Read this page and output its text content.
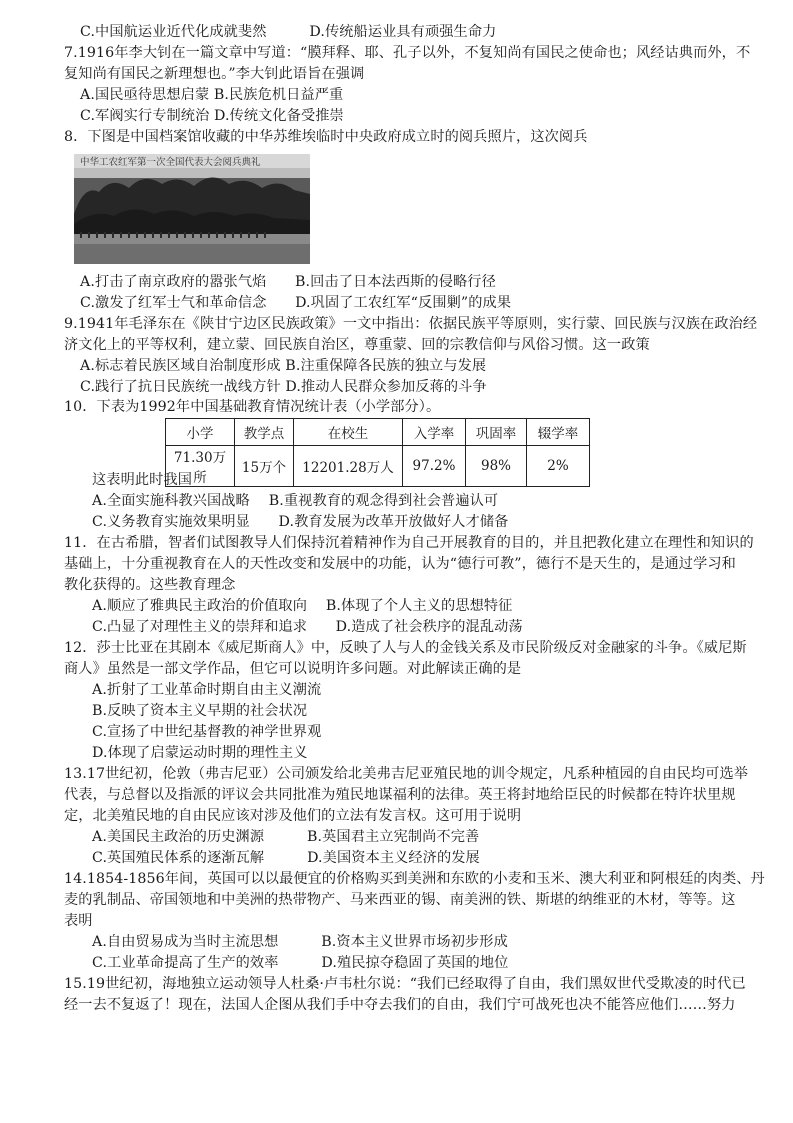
C.中国航运业近代化成就斐然　　　D.传统船运业具有顽强生命力
7.1916年李大钊在一篇文章中写道：“膜拜释、耶、孔子以外，不复知尚有国民之使命也；风经诂典而外，不
复知尚有国民之新理想也。”李大钊此语旨在强调
A.国民亟待思想启蒙 B.民族危机日益严重
C.军阀实行专制统治 D.传统文化备受推崇
8．下图是中国档案馆收藏的中华苏维埃临时中央政府成立时的阅兵照片，这次阅兵
中华工农红军第一次全国代表大会阅兵典礼
A.打击了南京政府的嚣张气焰　　B.回击了日本法西斯的侵略行径
C.激发了红军士气和革命信念　　D.巩固了工农红军“反围剿”的成果
9.1941年毛泽东在《陕甘宁边区民族政策》一文中指出：依据民族平等原则，实行蒙、回民族与汉族在政治经
济文化上的平等权利，建立蒙、回民族自治区，尊重蒙、回的宗教信仰与风俗习惯。这一政策
A.标志着民族区域自治制度形成 B.注重保障各民族的独立与发展
C.践行了抗日民族统一战线方针 D.推动人民群众参加反蒋的斗争
10．下表为1992年中国基础教育情况统计表（小学部分）。
小学	教学点	在校生	入学率	巩固率	辍学率
71.30万所	15万个	12201.28万人	97.2%	98%	2%
这表明此时我国
A.全面实施科教兴国战略　 B.重视教育的观念得到社会普遍认可
C.义务教育实施效果明显　　D.教育发展为改革开放做好人才储备
11．在古希腊，智者们试图教导人们保持沉着精神作为自己开展教育的目的，并且把教化建立在理性和知识的
基础上，十分重视教育在人的天性改变和发展中的功能，认为“德行可教”，德行不是天生的，是通过学习和
教化获得的。这些教育理念
A.顺应了雅典民主政治的价值取向　 B.体现了个人主义的思想特征
C.凸显了对理性主义的崇拜和追求　　D.造成了社会秩序的混乱动荡
12．莎士比亚在其剧本《威尼斯商人》中，反映了人与人的金钱关系及市民阶级反对金融家的斗争。《威尼斯
商人》虽然是一部文学作品，但它可以说明许多问题。对此解读正确的是
A.折射了工业革命时期自由主义潮流
B.反映了资本主义早期的社会状况
C.宣扬了中世纪基督教的神学世界观
D.体现了启蒙运动时期的理性主义
13.17世纪初，伦敦（弗吉尼亚）公司颁发给北美弗吉尼亚殖民地的训令规定，凡系种植园的自由民均可选举
代表，与总督以及指派的评议会共同批准为殖民地谋福利的法律。英王将封地给臣民的时候都在特许状里规
定，北美殖民地的自由民应该对涉及他们的立法有发言权。这可用于说明
A.美国民主政治的历史渊源　　　B.英国君主立宪制尚不完善
C.英国殖民体系的逐渐瓦解　　　D.美国资本主义经济的发展
14.1854-1856年间，英国可以以最便宜的价格购买到美洲和东欧的小麦和玉米、澳大利亚和阿根廷的肉类、丹
麦的乳制品、帝国领地和中美洲的热带物产、马来西亚的锡、南美洲的铁、斯堪的纳维亚的木材，等等。这
表明
A.自由贸易成为当时主流思想　　　B.资本主义世界市场初步形成
C.工业革命提高了生产的效率　　　D.殖民掠夺稳固了英国的地位
15.19世纪初，海地独立运动领导人杜桑·卢韦杜尔说：“我们已经取得了自由，我们黑奴世代受欺凌的时代已
经一去不复返了！现在，法国人企图从我们手中夺去我们的自由，我们宁可战死也决不能答应他们……努力
